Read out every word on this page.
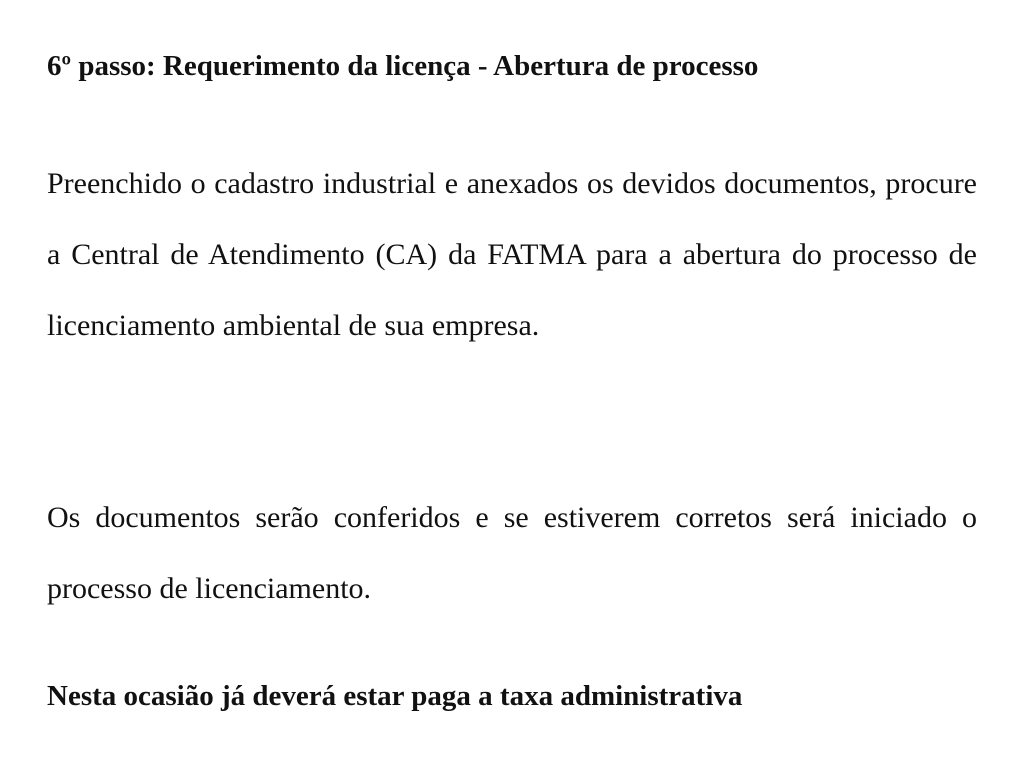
6º passo: Requerimento da licença - Abertura de processo

Preenchido o cadastro industrial e anexados os devidos documentos, procure a Central de Atendimento (CA) da FATMA para a abertura do processo de licenciamento ambiental de sua empresa.

Os documentos serão conferidos e se estiverem corretos será iniciado o processo de licenciamento.

Nesta ocasião já deverá estar paga a taxa administrativa
